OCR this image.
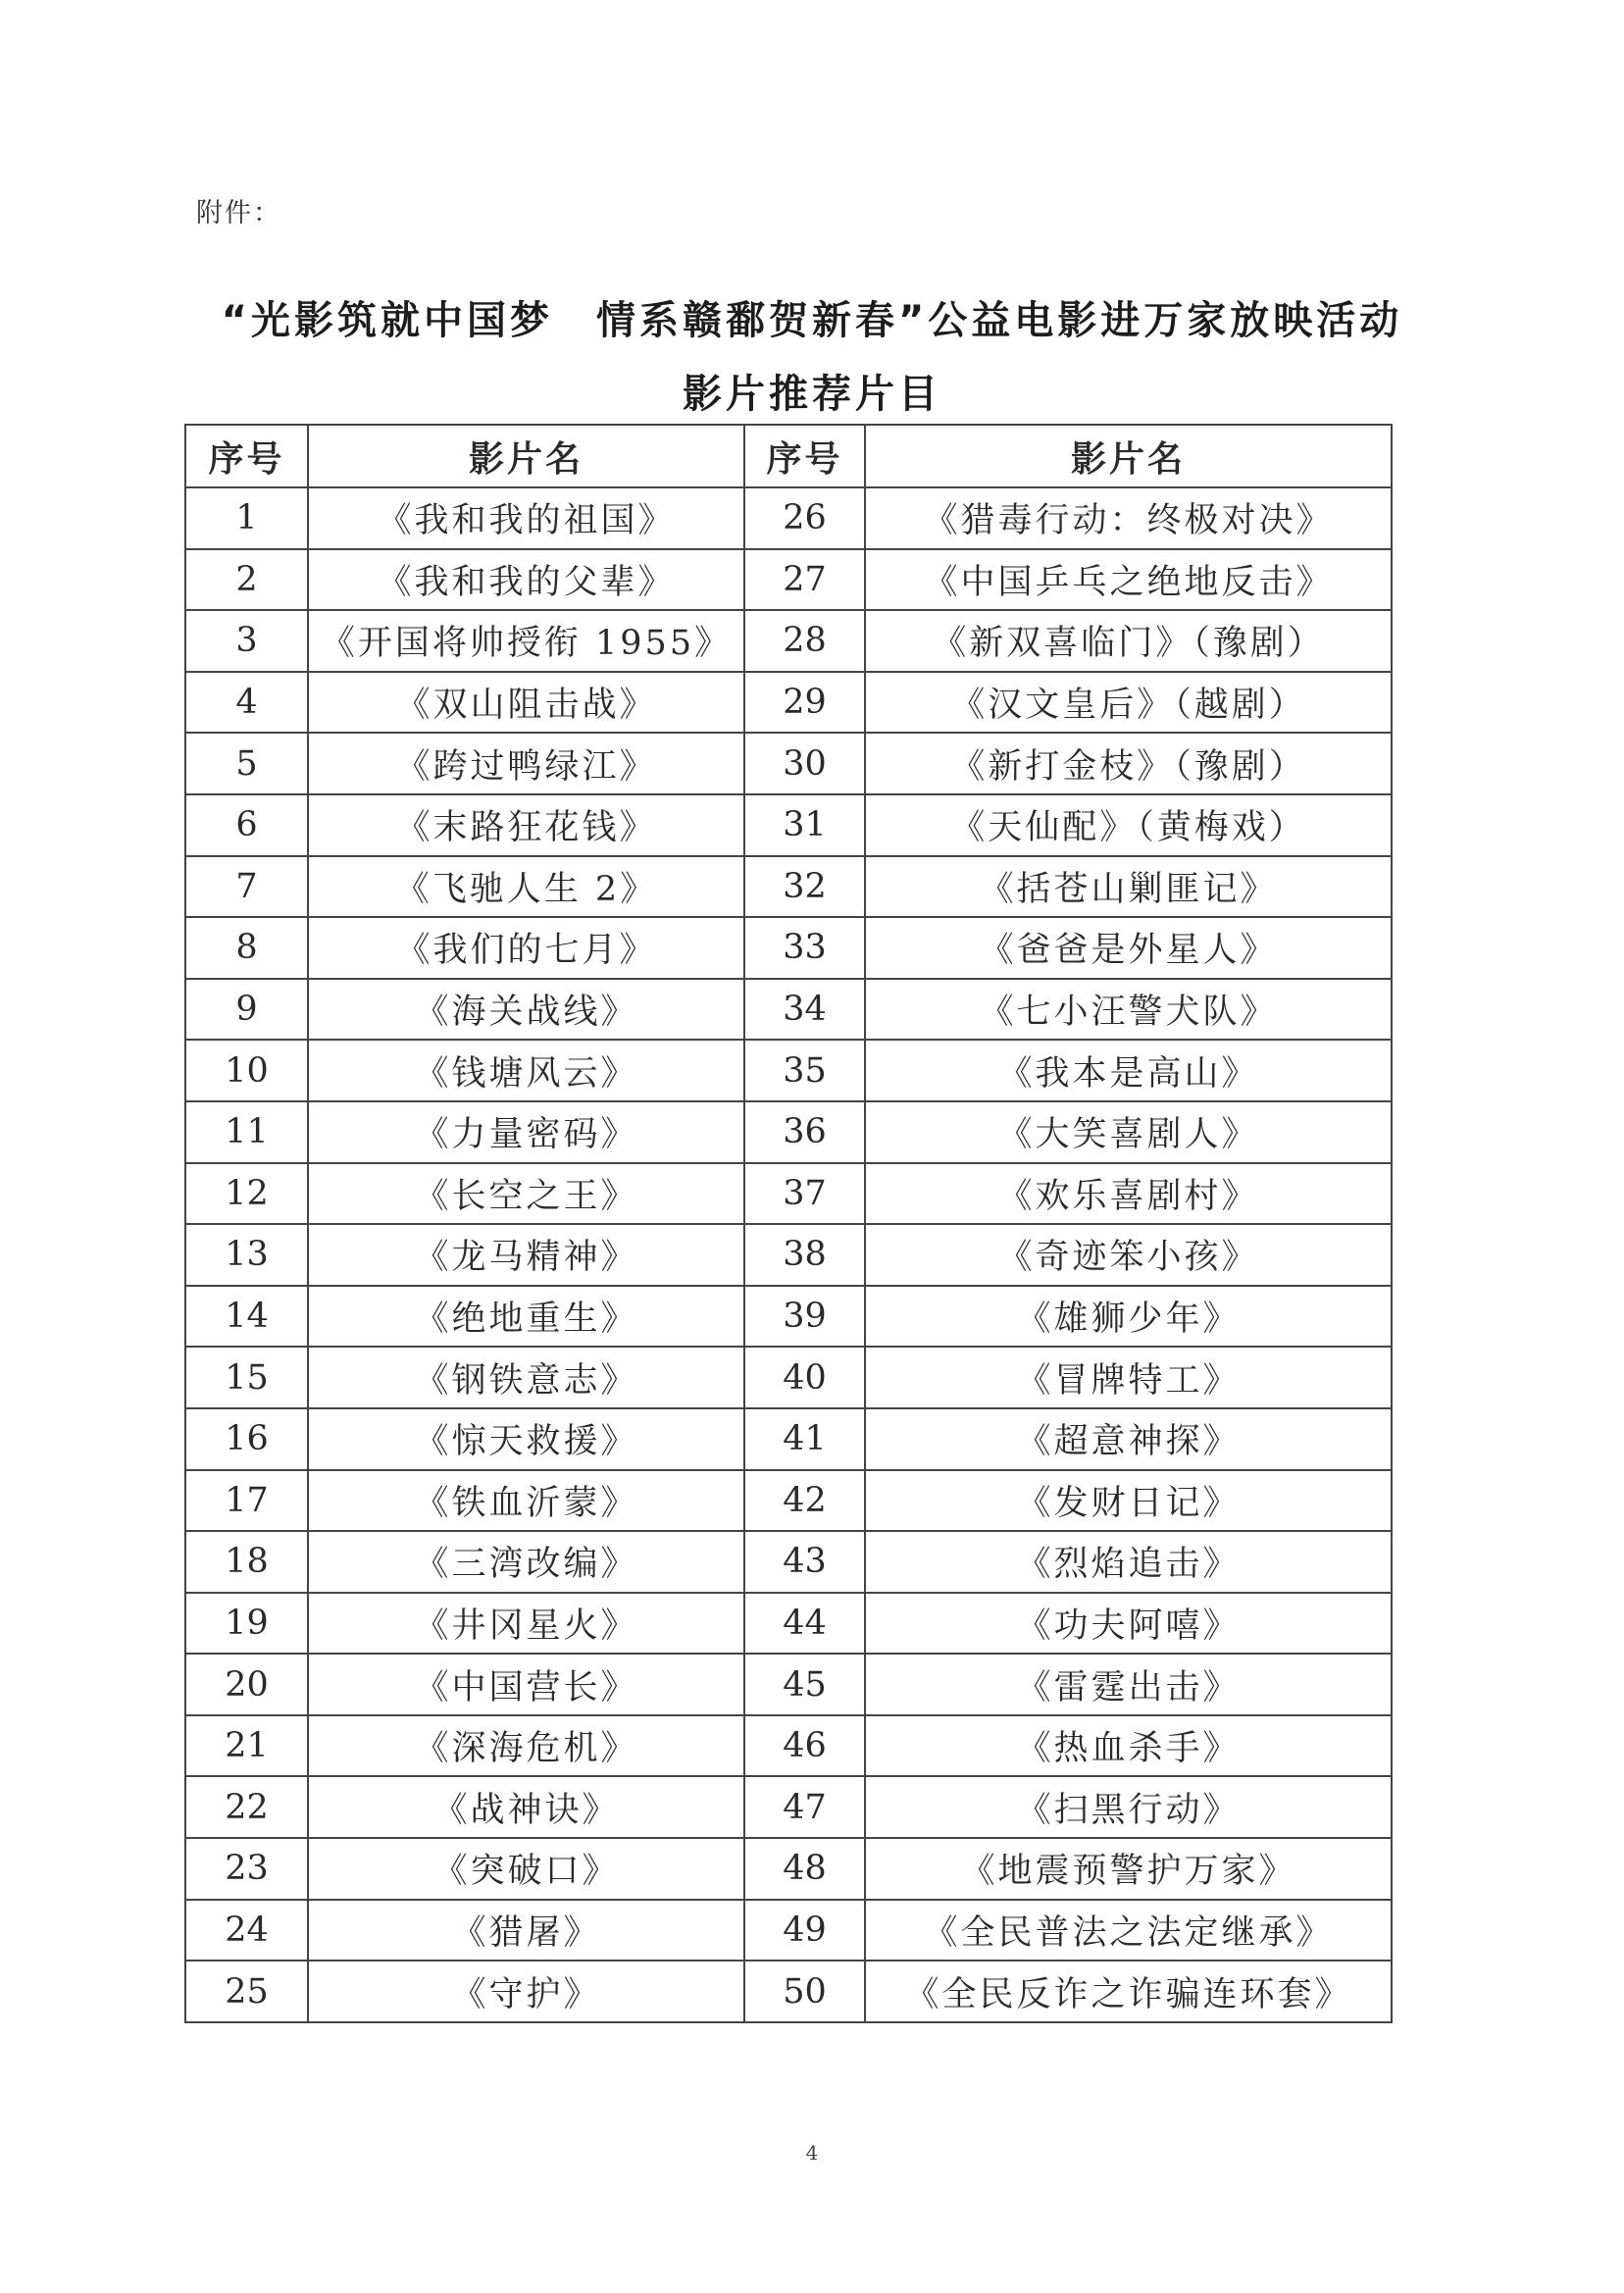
附件：
“光影筑就中国梦　情系赣鄱贺新春”公益电影进万家放映活动
影片推荐片目
序号	影片名	序号	影片名
1	《我和我的祖国》	26	《猎毒行动：终极对决》
2	《我和我的父辈》	27	《中国乒乓之绝地反击》
3	《开国将帅授衔 1955》	28	《新双喜临门》（豫剧）
4	《双山阻击战》	29	《汉文皇后》（越剧）
5	《跨过鸭绿江》	30	《新打金枝》（豫剧）
6	《末路狂花钱》	31	《天仙配》（黄梅戏）
7	《飞驰人生 2》	32	《括苍山剿匪记》
8	《我们的七月》	33	《爸爸是外星人》
9	《海关战线》	34	《七小汪警犬队》
10	《钱塘风云》	35	《我本是高山》
11	《力量密码》	36	《大笑喜剧人》
12	《长空之王》	37	《欢乐喜剧村》
13	《龙马精神》	38	《奇迹笨小孩》
14	《绝地重生》	39	《雄狮少年》
15	《钢铁意志》	40	《冒牌特工》
16	《惊天救援》	41	《超意神探》
17	《铁血沂蒙》	42	《发财日记》
18	《三湾改编》	43	《烈焰追击》
19	《井冈星火》	44	《功夫阿嘻》
20	《中国营长》	45	《雷霆出击》
21	《深海危机》	46	《热血杀手》
22	《战神诀》	47	《扫黑行动》
23	《突破口》	48	《地震预警护万家》
24	《猎屠》	49	《全民普法之法定继承》
25	《守护》	50	《全民反诈之诈骗连环套》
4
